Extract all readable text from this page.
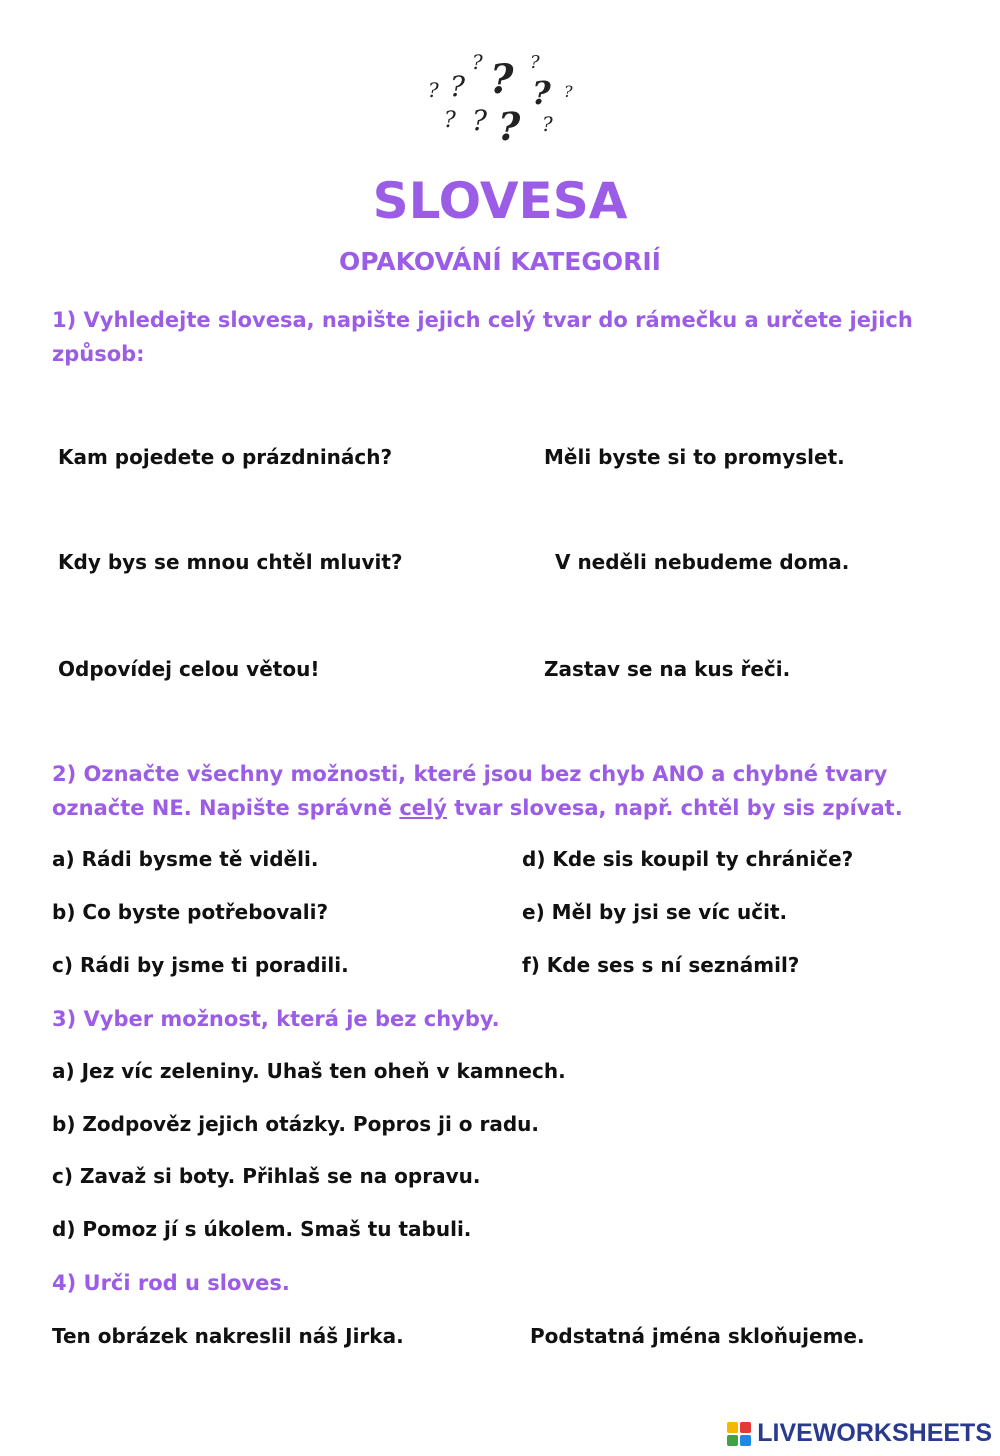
? ?
? ? ?
? ?
? ? ? ?
SLOVESA
OPAKOVÁNÍ KATEGORIÍ
1) Vyhledejte slovesa, napište jejich celý tvar do rámečku a určete jejich způsob:
Kam pojedete o prázdninách?	Měli byste si to promyslet.
Kdy bys se mnou chtěl mluvit?	V neděli nebudeme doma.
Odpovídej celou větou!	Zastav se na kus řeči.
2) Označte všechny možnosti, které jsou bez chyb ANO a chybné tvary označte NE. Napište správně celý tvar slovesa, např. chtěl by sis zpívat.
a) Rádi bysme tě viděli.	d) Kde sis koupil ty chrániče?
b) Co byste potřebovali?	e) Měl by jsi se víc učit.
c) Rádi by jsme ti poradili.	f) Kde ses s ní seznámil?
3) Vyber možnost, která je bez chyby.
a) Jez víc zeleniny. Uhaš ten oheň v kamnech.
b) Zodpověz jejich otázky. Popros ji o radu.
c) Zavaž si boty. Přihlaš se na opravu.
d) Pomoz jí s úkolem. Smaš tu tabuli.
4) Urči rod u sloves.
Ten obrázek nakreslil náš Jirka.	Podstatná jména skloňujeme.
LIVEWORKSHEETS
